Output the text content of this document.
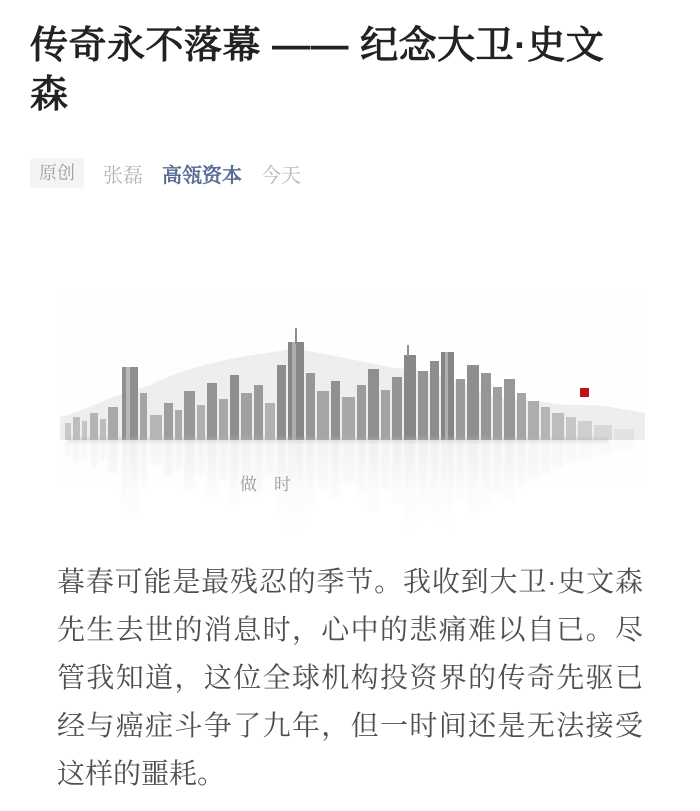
传奇永不落幕 —— 纪念大卫·史文森
原创	张磊 高瓴资本 今天
做　时

暮春可能是最残忍的季节。我收到大卫·史文森先生去世的消息时，心中的悲痛难以自已。尽管我知道，这位全球机构投资界的传奇先驱已经与癌症斗争了九年，但一时间还是无法接受这样的噩耗。
